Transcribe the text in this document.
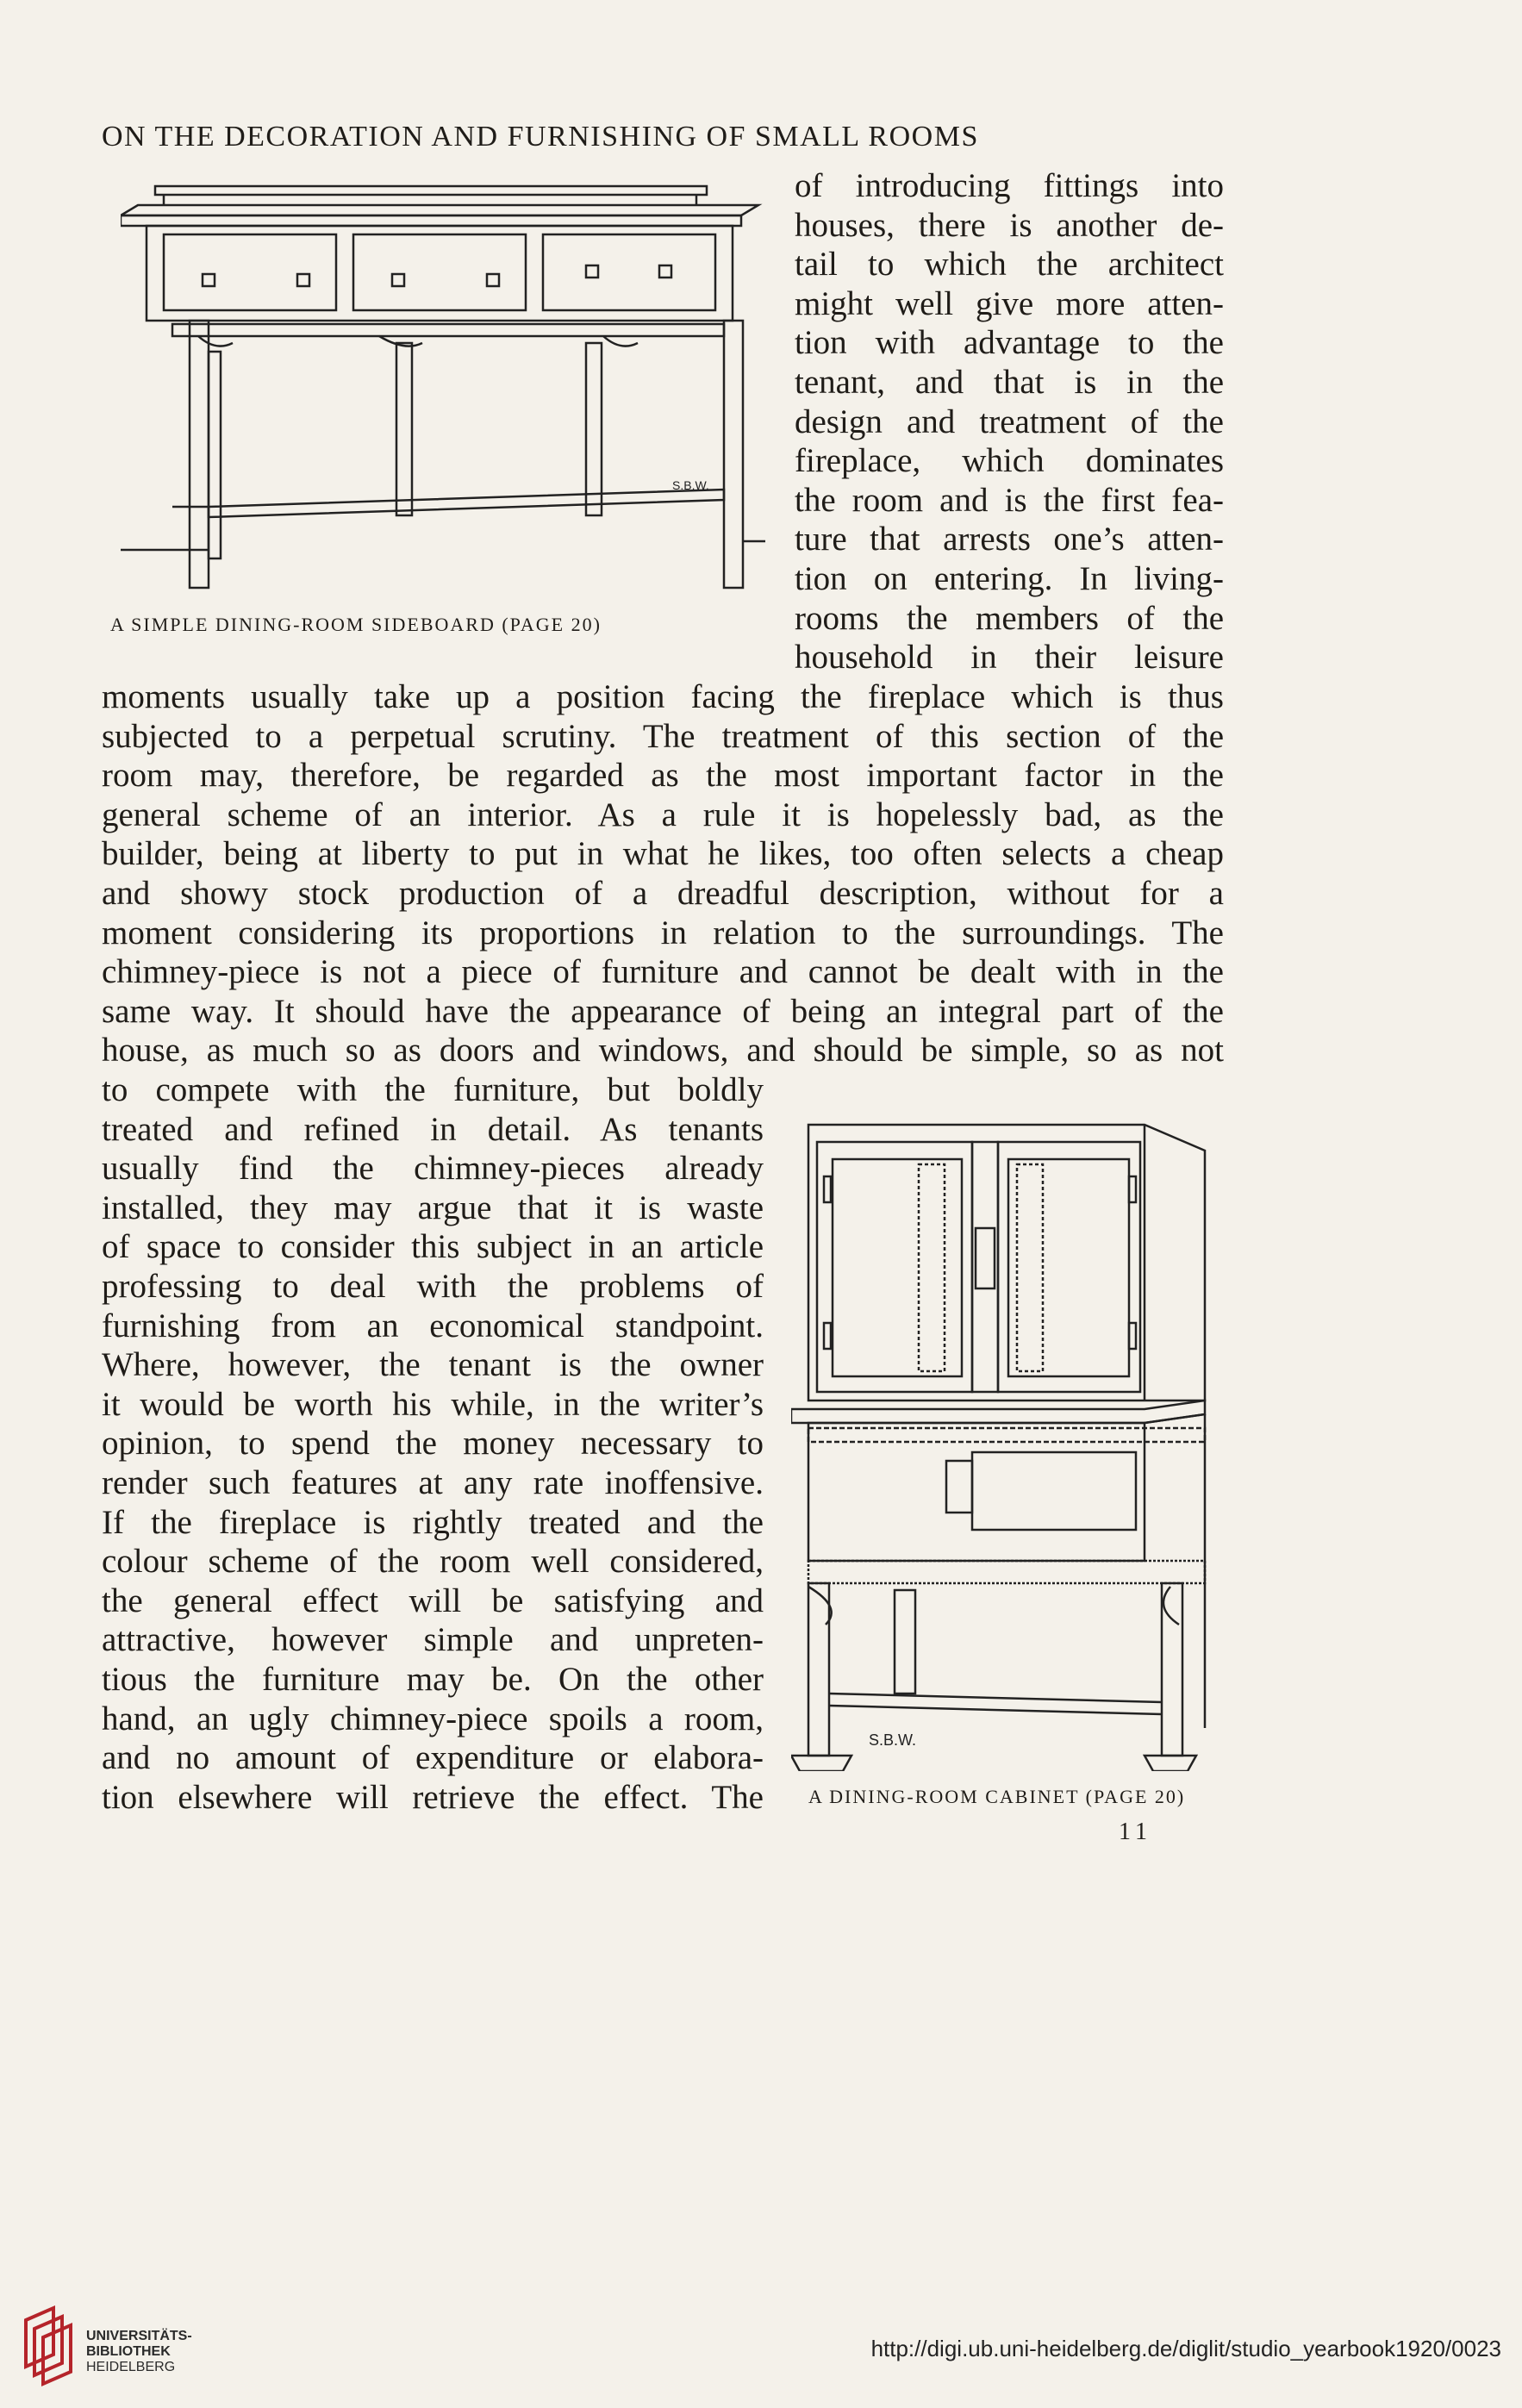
ON THE DECORATION AND FURNISHING OF SMALL ROOMS
S.B.W.
A SIMPLE DINING-ROOM SIDEBOARD (PAGE 20)
of introducing fittings into
houses, there is another de-
tail to which the architect
might well give more atten-
tion with advantage to the
tenant, and that is in the
design and treatment of the
fireplace, which dominates
the room and is the first fea-
ture that arrests one’s atten-
tion on entering. In living-
rooms the members of the
household in their leisure
moments usually take up a position facing the fireplace which is thus
subjected to a perpetual scrutiny. The treatment of this section of the
room may, therefore, be regarded as the most important factor in the
general scheme of an interior. As a rule it is hopelessly bad, as the
builder, being at liberty to put in what he likes, too often selects a cheap
and showy stock production of a dreadful description, without for a
moment considering its proportions in relation to the surroundings. The
chimney-piece is not a piece of furniture and cannot be dealt with in the
same way. It should have the appearance of being an integral part of the
house, as much so as doors and windows, and should be simple, so as not
to compete with the furniture, but boldly
treated and refined in detail. As tenants
usually find the chimney-pieces already
installed, they may argue that it is waste
of space to consider this subject in an article
professing to deal with the problems of
furnishing from an economical standpoint.
Where, however, the tenant is the owner
it would be worth his while, in the writer’s
opinion, to spend the money necessary to
render such features at any rate inoffensive.
If the fireplace is rightly treated and the
colour scheme of the room well considered,
the general effect will be satisfying and
attractive, however simple and unpreten-
tious the furniture may be. On the other
hand, an ugly chimney-piece spoils a room,
and no amount of expenditure or elabora-
tion elsewhere will retrieve the effect. The
S.B.W.
A DINING-ROOM CABINET (PAGE 20)
11
UNIVERSITÄTS-
BIBLIOTHEK
HEIDELBERG
http://digi.ub.uni-heidelberg.de/diglit/studio_yearbook1920/0023
